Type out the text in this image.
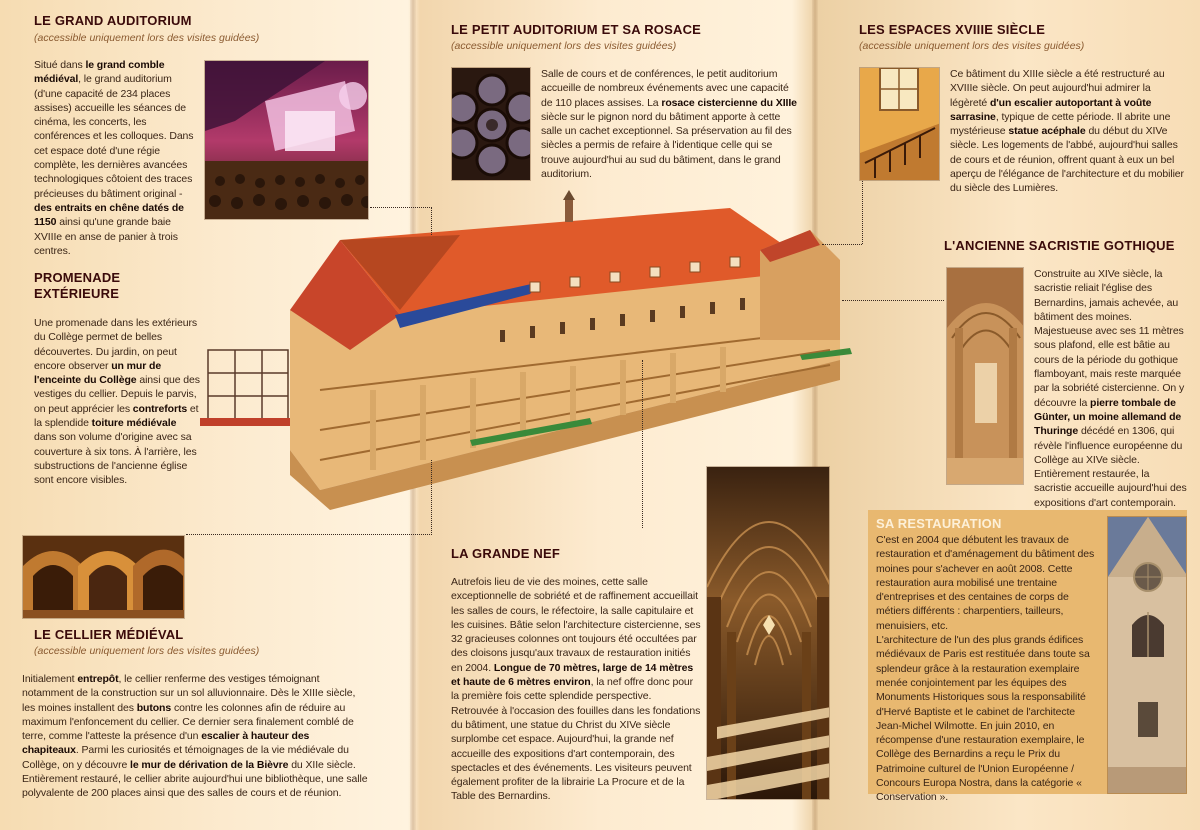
LE GRAND AUDITORIUM
(accessible uniquement lors des visites guidées)
Situé dans le grand comble médiéval, le grand auditorium (d'une capacité de 234 places assises) accueille les séances de cinéma, les concerts, les conférences et les colloques. Dans cet espace doté d'une régie complète, les dernières avancées technologiques côtoient des traces précieuses du bâtiment original - des entraits en chêne datés de 1150 ainsi qu'une grande baie XVIIIe en anse de panier à trois centres.
PROMENADE
EXTÉRIEURE
Une promenade dans les extérieurs du Collège permet de belles découvertes. Du jardin, on peut encore observer un mur de l'enceinte du Collège ainsi que des vestiges du cellier. Depuis le parvis, on peut apprécier les contreforts et la splendide toiture médiévale dans son volume d'origine avec sa couverture à six tons. À l'arrière, les substructions de l'ancienne église sont encore visibles.
LE CELLIER MÉDIÉVAL
(accessible uniquement lors des visites guidées)
Initialement entrepôt, le cellier renferme des vestiges témoignant notamment de la construction sur un sol alluvionnaire. Dès le XIIIe siècle, les moines installent des butons contre les colonnes afin de réduire au maximum l'enfoncement du cellier. Ce dernier sera finalement comblé de terre, comme l'atteste la présence d'un escalier à hauteur des chapiteaux. Parmi les curiosités et témoignages de la vie médiévale du Collège, on y découvre le mur de dérivation de la Bièvre du XIIe siècle. Entièrement restauré, le cellier abrite aujourd'hui une bibliothèque, une salle polyvalente de 200 places ainsi que des salles de cours et de réunion.
LE PETIT AUDITORIUM ET SA ROSACE
(accessible uniquement lors des visites guidées)
Salle de cours et de conférences, le petit auditorium accueille de nombreux événements avec une capacité de 110 places assises. La rosace cistercienne du XIIIe siècle sur le pignon nord du bâtiment apporte à cette salle un cachet exceptionnel. Sa préservation au fil des siècles a permis de refaire à l'identique celle qui se trouve aujourd'hui au sud du bâtiment, dans le grand auditorium.
LA GRANDE NEF
Autrefois lieu de vie des moines, cette salle exceptionnelle de sobriété et de raffinement accueillait les salles de cours, le réfectoire, la salle capitulaire et les cuisines. Bâtie selon l'architecture cistercienne, ses 32 gracieuses colonnes ont toujours été occultées par des cloisons jusqu'aux travaux de restauration initiés en 2004. Longue de 70 mètres, large de 14 mètres et haute de 6 mètres environ, la nef offre donc pour la première fois cette splendide perspective. Retrouvée à l'occasion des fouilles dans les fondations du bâtiment, une statue du Christ du XIVe siècle surplombe cet espace. Aujourd'hui, la grande nef accueille des expositions d'art contemporain, des spectacles et des événements. Les visiteurs peuvent également profiter de la librairie La Procure et de la Table des Bernardins.
LES ESPACES XVIIIE SIÈCLE
(accessible uniquement lors des visites guidées)
Ce bâtiment du XIIIe siècle a été restructuré au XVIIIe siècle. On peut aujourd'hui admirer la légèreté d'un escalier autoportant à voûte sarrasine, typique de cette période. Il abrite une mystérieuse statue acéphale du début du XIVe siècle. Les logements de l'abbé, aujourd'hui salles de cours et de réunion, offrent quant à eux un bel aperçu de l'élégance de l'architecture et du mobilier du siècle des Lumières.
L'ANCIENNE SACRISTIE GOTHIQUE
Construite au XIVe siècle, la sacristie reliait l'église des Bernardins, jamais achevée, au bâtiment des moines. Majestueuse avec ses 11 mètres sous plafond, elle est bâtie au cours de la période du gothique flamboyant, mais reste marquée par la sobriété cistercienne. On y découvre la pierre tombale de Günter, un moine allemand de Thuringe décédé en 1306, qui révèle l'influence européenne du Collège au XIVe siècle. Entièrement restaurée, la sacristie accueille aujourd'hui des expositions d'art contemporain.
SA RESTAURATION
C'est en 2004 que débutent les travaux de restauration et d'aménagement du bâtiment des moines pour s'achever en août 2008. Cette restauration aura mobilisé une trentaine d'entreprises et des centaines de corps de métiers différents : charpentiers, tailleurs, menuisiers, etc.
L'architecture de l'un des plus grands édifices médiévaux de Paris est restituée dans toute sa splendeur grâce à la restauration exemplaire menée conjointement par les équipes des Monuments Historiques sous la responsabilité d'Hervé Baptiste et le cabinet de l'architecte Jean-Michel Wilmotte. En juin 2010, en récompense d'une restauration exemplaire, le Collège des Bernardins a reçu le Prix du Patrimoine culturel de l'Union Européenne / Concours Europa Nostra, dans la catégorie « Conservation ».
